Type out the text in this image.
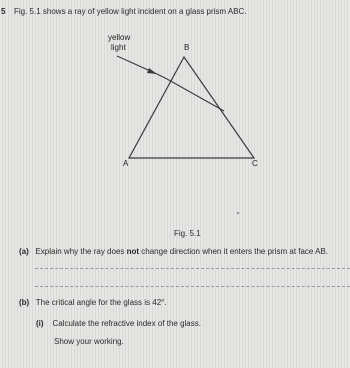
5 Fig. 5.1 shows a ray of yellow light incident on a glass prism ABC.
yellow
light	B
A	C
Fig. 5.1
(a) Explain why the ray does not change direction when it enters the prism at face AB.
(b) The critical angle for the glass is 42°.
(i) Calculate the refractive index of the glass.
Show your working.
